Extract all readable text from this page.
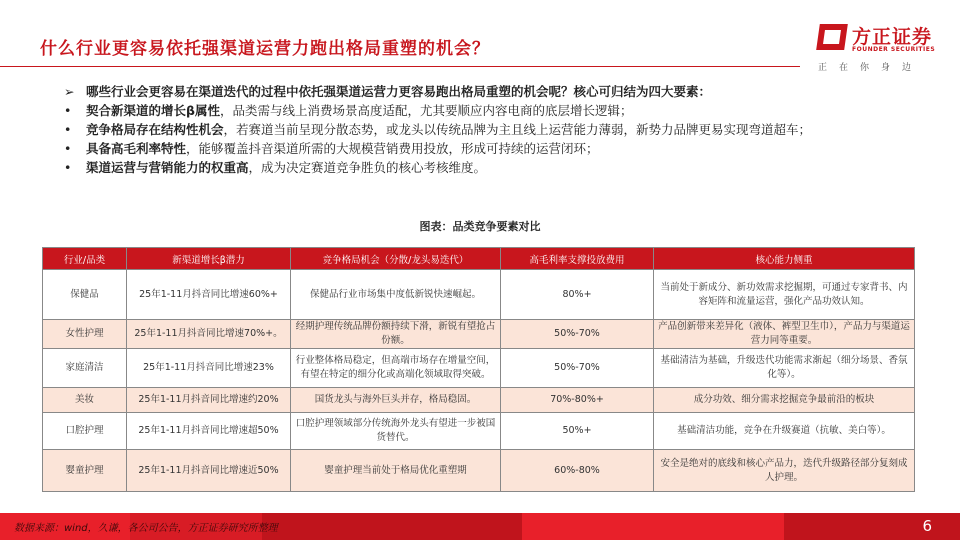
什么行业更容易依托强渠道运营力跑出格局重塑的机会？
方正证券
FOUNDER SECURITIES
正在你身边
➢ 哪些行业会更容易在渠道迭代的过程中依托强渠道运营力更容易跑出格局重塑的机会呢？核心可归结为四大要素：
• 契合新渠道的增长β属性，品类需与线上消费场景高度适配，尤其要顺应内容电商的底层增长逻辑；
• 竞争格局存在结构性机会，若赛道当前呈现分散态势，或龙头以传统品牌为主且线上运营能力薄弱，新势力品牌更易实现弯道超车；
• 具备高毛利率特性，能够覆盖抖音渠道所需的大规模营销费用投放，形成可持续的运营闭环；
• 渠道运营与营销能力的权重高，成为决定赛道竞争胜负的核心考核维度。
图表：品类竞争要素对比
行业/品类	新渠道增长β潜力	竞争格局机会（分散/龙头易迭代）	高毛利率支撑投放费用	核心能力侧重
保健品	25年1-11月抖音同比增速60%+	保健品行业市场集中度低新锐快速崛起。	80%+	当前处于新成分、新功效需求挖掘期，可通过专家背书、内容矩阵和流量运营，强化产品功效认知。
女性护理	25年1-11月抖音同比增速70%+。	经期护理传统品牌份额持续下滑，新锐有望抢占份额。	50%-70%	产品创新带来差异化（液体、裤型卫生巾），产品力与渠道运营力同等重要。
家庭清洁	25年1-11月抖音同比增速23%	行业整体格局稳定，但高端市场存在增量空间，有望在特定的细分化或高端化领域取得突破。	50%-70%	基础清洁为基础，升级迭代功能需求渐起（细分场景、香氛化等）。
美妆	25年1-11月抖音同比增速约20%	国货龙头与海外巨头并存，格局稳固。	70%-80%+	成分功效、细分需求挖掘竞争最前沿的板块
口腔护理	25年1-11月抖音同比增速超50%	口腔护理领域部分传统海外龙头有望进一步被国货替代。	50%+	基础清洁功能，竞争在升级赛道（抗敏、美白等）。
婴童护理	25年1-11月抖音同比增速近50%	婴童护理当前处于格局优化重塑期	60%-80%	安全是绝对的底线和核心产品力，迭代升级路径部分复刻成人护理。
数据来源：wind，久谦，各公司公告，方正证券研究所整理	6
